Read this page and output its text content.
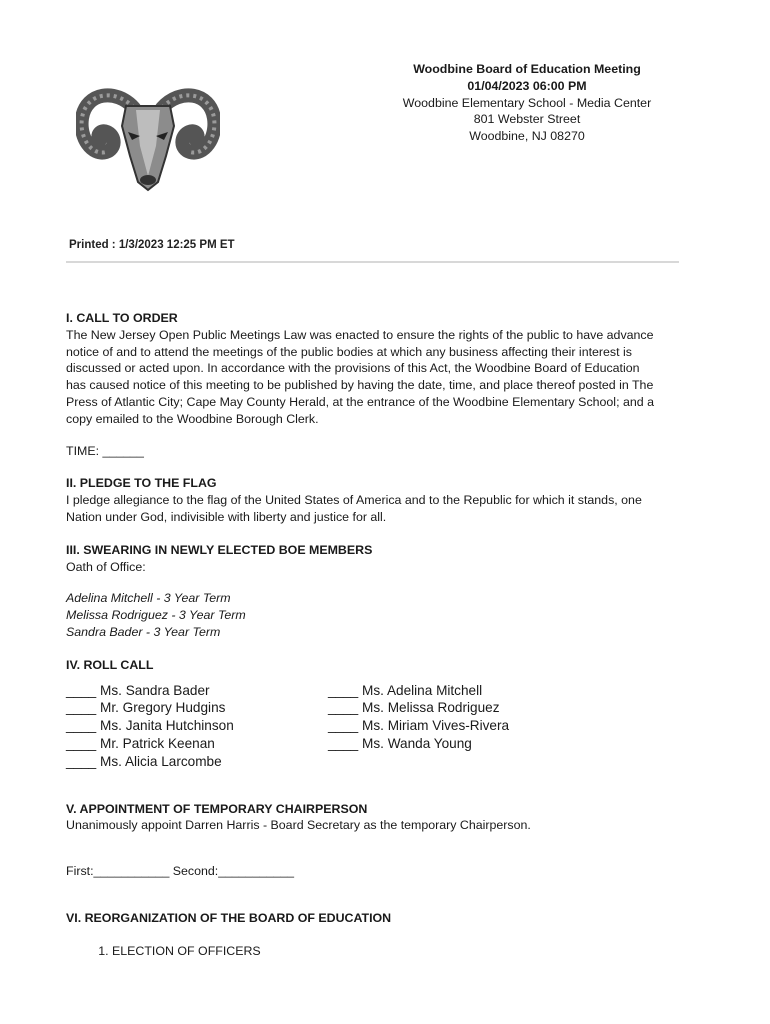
Woodbine Board of Education Meeting
01/04/2023 06:00 PM
Woodbine Elementary School - Media Center
801 Webster Street
Woodbine, NJ 08270
Printed : 1/3/2023 12:25 PM ET

I. CALL TO ORDER

The New Jersey Open Public Meetings Law was enacted to ensure the rights of the public to have advance

notice of and to attend the meetings of the public bodies at which any business affecting their interest is

discussed or acted upon. In accordance with the provisions of this Act, the Woodbine Board of Education

has caused notice of this meeting to be published by having the date, time, and place thereof posted in The

Press of Atlantic City; Cape May County Herald, at the entrance of the Woodbine Elementary School; and a

copy emailed to the Woodbine Borough Clerk.

TIME: ______

II. PLEDGE TO THE FLAG

I pledge allegiance to the flag of the United States of America and to the Republic for which it stands, one

Nation under God, indivisible with liberty and justice for all.

III. SWEARING IN NEWLY ELECTED BOE MEMBERS

Oath of Office:

Adelina Mitchell - 3 Year Term

Melissa Rodriguez - 3 Year Term

Sandra Bader - 3 Year Term

IV. ROLL CALL

____ Ms. Sandra Bader
____ Mr. Gregory Hudgins
____ Ms. Janita Hutchinson
____ Mr. Patrick Keenan
____ Ms. Alicia Larcombe
____ Ms. Adelina Mitchell
____ Ms. Melissa Rodriguez
____ Ms. Miriam Vives-Rivera
____ Ms. Wanda Young

V. APPOINTMENT OF TEMPORARY CHAIRPERSON

Unanimously appoint Darren Harris - Board Secretary as the temporary Chairperson.

First:___________ Second:___________

VI. REORGANIZATION OF THE BOARD OF EDUCATION

1. ELECTION OF OFFICERS
